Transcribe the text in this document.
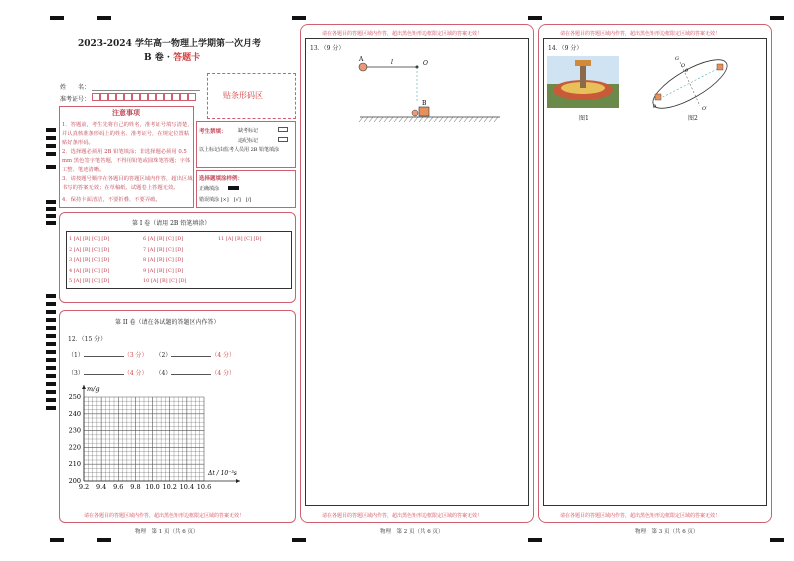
2023-2024 学年高一物理上学期第一次月考
B 卷 · 答题卡
姓　　名：
准考证号：	贴条形码区
注意事项
1．答题前，考生先将自己的姓名，准考证号填写清楚，并认真核准条形码上的姓名、准考证号，在规定位置粘贴好条形码。
2．选择题必须用 2B 铅笔填涂；非选择题必须用 0.5 mm 黑色签字笔答题，不得用铅笔或圆珠笔答题；字体工整、笔迹清晰。
3．请按题号顺序在各题目的答题区域内作答，超出区域书写的答案无效；在草稿纸、试题卷上答题无效。
4．保持卡面清洁，不要折叠、不要弄破。
考生禁填： 缺考标记
违纪标记
以上标记由监考人员用 2B 铅笔填涂
选择题填涂样例：
正确填涂
错误填涂 [×]　[√]　[/]
第 I 卷（请用 2B 铅笔填涂）
1 [A] [B] [C] [D]
2 [A] [B] [C] [D]
3 [A] [B] [C] [D]
4 [A] [B] [C] [D]
5 [A] [B] [C] [D]
6 [A] [B] [C] [D]
7 [A] [B] [C] [D]
8 [A] [B] [C] [D]
9 [A] [B] [C] [D]
10 [A] [B] [C] [D]
11 [A] [B] [C] [D]
第 II 卷（请在各试题的答题区内作答）
12．（15 分）
（1）	（3 分） （2）	（4 分）
（3）	（4 分） （4）	（4 分）
9.2 9.4 9.6 9.8 10.0 10.2 10.4 10.6
200
210
220
230
240
250
m/g
Δt / 10⁻³s
请在各题目的答题区域内作答，超出黑色矩形边框限定区域的答案无效！
物理　第 1 页（共 6 页）
请在各题目的答题区域内作答，超出黑色矩形边框限定区域的答案无效！
13．（9 分）
A	l	O
B
请在各题目的答题区域内作答，超出黑色矩形边框限定区域的答案无效！
物理　第 2 页（共 6 页）
请在各题目的答题区域内作答，超出黑色矩形边框限定区域的答案无效！
14．（9 分）
图1
G
O
θ
O′
θ
图2
请在各题目的答题区域内作答，超出黑色矩形边框限定区域的答案无效！
物理　第 3 页（共 6 页）
